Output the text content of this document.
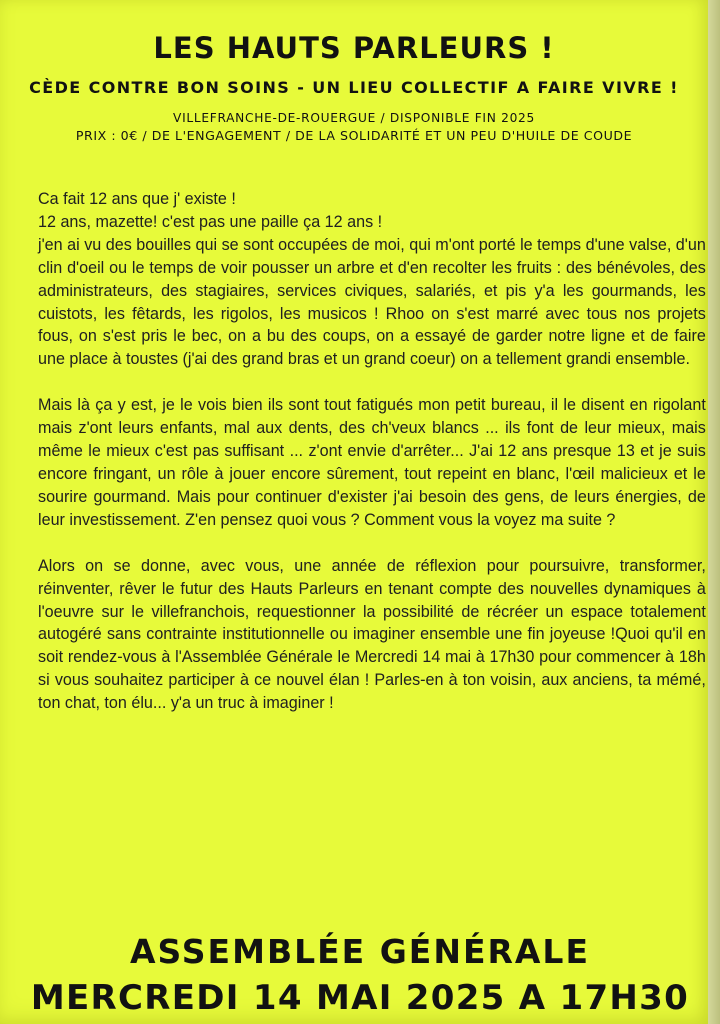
LES HAUTS PARLEURS !
CÈDE CONTRE BON SOINS - UN LIEU COLLECTIF A FAIRE VIVRE !
VILLEFRANCHE-DE-ROUERGUE / DISPONIBLE FIN 2025
PRIX : 0€ / DE L'ENGAGEMENT / DE LA SOLIDARITÉ ET UN PEU D'HUILE DE COUDE

Ca fait 12 ans que j' existe !
12 ans, mazette! c'est pas une paille ça 12 ans !
j'en ai vu des bouilles qui se sont occupées de moi, qui m'ont porté le temps d'une valse, d'un clin d'oeil ou le temps de voir pousser un arbre et d'en recolter les fruits : des bénévoles, des administrateurs, des stagiaires, services civiques, salariés, et pis y'a les gourmands, les cuistots, les fêtards, les rigolos, les musicos ! Rhoo on s'est marré avec tous nos projets fous, on s'est pris le bec, on a bu des coups, on a essayé de garder notre ligne et de faire une place à toustes (j'ai des grand bras et un grand coeur) on a tellement grandi ensemble.

Mais là ça y est, je le vois bien ils sont tout fatigués mon petit bureau, il le disent en rigolant mais z'ont leurs enfants, mal aux dents, des ch'veux blancs ... ils font de leur mieux, mais même le mieux c'est pas suffisant ... z'ont envie d'arrêter... J'ai 12 ans presque 13 et je suis encore fringant, un rôle à jouer encore sûrement, tout repeint en blanc, l'œil malicieux et le sourire gourmand. Mais pour continuer d'exister j'ai besoin des gens, de leurs énergies, de leur investissement. Z'en pensez quoi vous ? Comment vous la voyez ma suite ?

Alors on se donne, avec vous, une année de réflexion pour poursuivre, transformer, réinventer, rêver le futur des Hauts Parleurs en tenant compte des nouvelles dynamiques à l'oeuvre sur le villefranchois, requestionner la possibilité de récréer un espace totalement autogéré sans contrainte institutionnelle ou imaginer ensemble une fin joyeuse !Quoi qu'il en soit rendez-vous à l'Assemblée Générale le Mercredi 14 mai à 17h30 pour commencer à 18h si vous souhaitez participer à ce nouvel élan ! Parles-en à ton voisin, aux anciens, ta mémé, ton chat, ton élu... y'a un truc à imaginer !

ASSEMBLÉE GÉNÉRALE
MERCREDI 14 MAI 2025 A 17H30
